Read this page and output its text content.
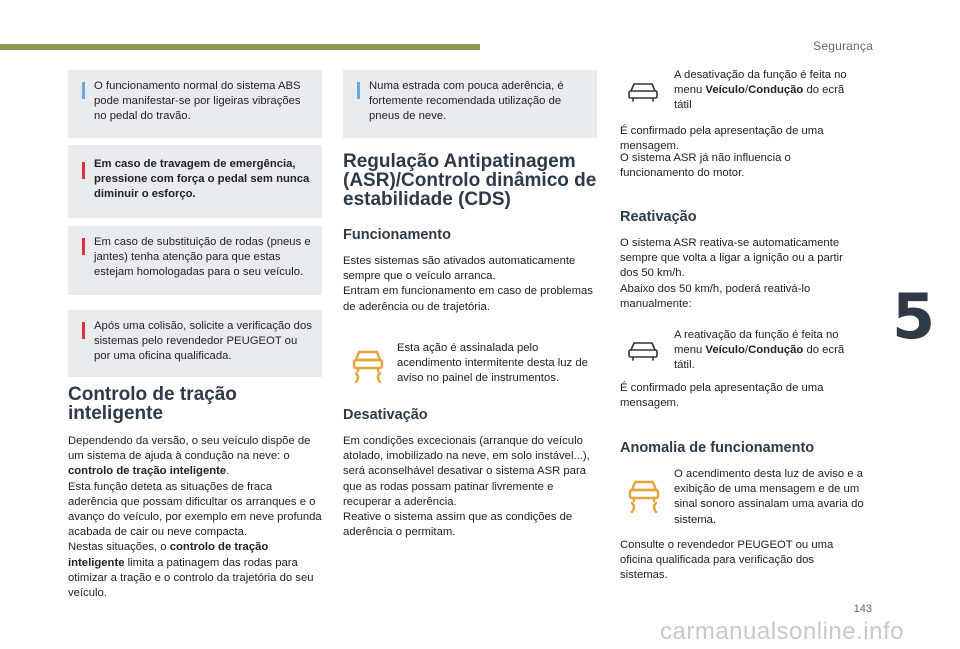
Segurança
5
143
carmanualsonline.info

O funcionamento normal do sistema ABS pode manifestar-se por ligeiras vibrações no pedal do travão.

Em caso de travagem de emergência, pressione com força o pedal sem nunca diminuir o esforço.

Em caso de substituição de rodas (pneus e jantes) tenha atenção para que estas estejam homologadas para o seu veículo.

Após uma colisão, solicite a verificação dos sistemas pelo revendedor PEUGEOT ou por uma oficina qualificada.

Controlo de tração
inteligente
Dependendo da versão, o seu veículo dispõe de um sistema de ajuda à condução na neve: o controlo de tração inteligente.
Esta função deteta as situações de fraca aderência que possam dificultar os arranques e o avanço do veículo, por exemplo em neve profunda acabada de cair ou neve compacta.
Nestas situações, o controlo de tração inteligente limita a patinagem das rodas para otimizar a tração e o controlo da trajetória do seu veículo.

Numa estrada com pouca aderência, é fortemente recomendada utilização de pneus de neve.

Regulação Antipatinagem
(ASR)/Controlo dinâmico de
estabilidade (CDS)
Funcionamento
Estes sistemas são ativados automaticamente sempre que o veículo arranca.
Entram em funcionamento em caso de problemas de aderência ou de trajetória.
Esta ação é assinalada pelo acendimento intermitente desta luz de aviso no painel de instrumentos.
Desativação
Em condições excecionais (arranque do veículo atolado, imobilizado na neve, em solo instável...), será aconselhável desativar o sistema ASR para que as rodas possam patinar livremente e recuperar a aderência.
Reative o sistema assim que as condições de aderência o permitam.
A desativação da função é feita no menu Veículo/Condução do ecrã tátil
É confirmado pela apresentação de uma mensagem.
O sistema ASR já não influencia o funcionamento do motor.
Reativação
O sistema ASR reativa-se automaticamente sempre que volta a ligar a ignição ou a partir dos 50 km/h.
Abaixo dos 50 km/h, poderá reativá-lo manualmente:
A reativação da função é feita no menu Veículo/Condução do ecrã tátil.
É confirmado pela apresentação de uma mensagem.
Anomalia de funcionamento
O acendimento desta luz de aviso e a exibição de uma mensagem e de um sinal sonoro assinalam uma avaria do sistema.
Consulte o revendedor PEUGEOT ou uma oficina qualificada para verificação dos sistemas.
